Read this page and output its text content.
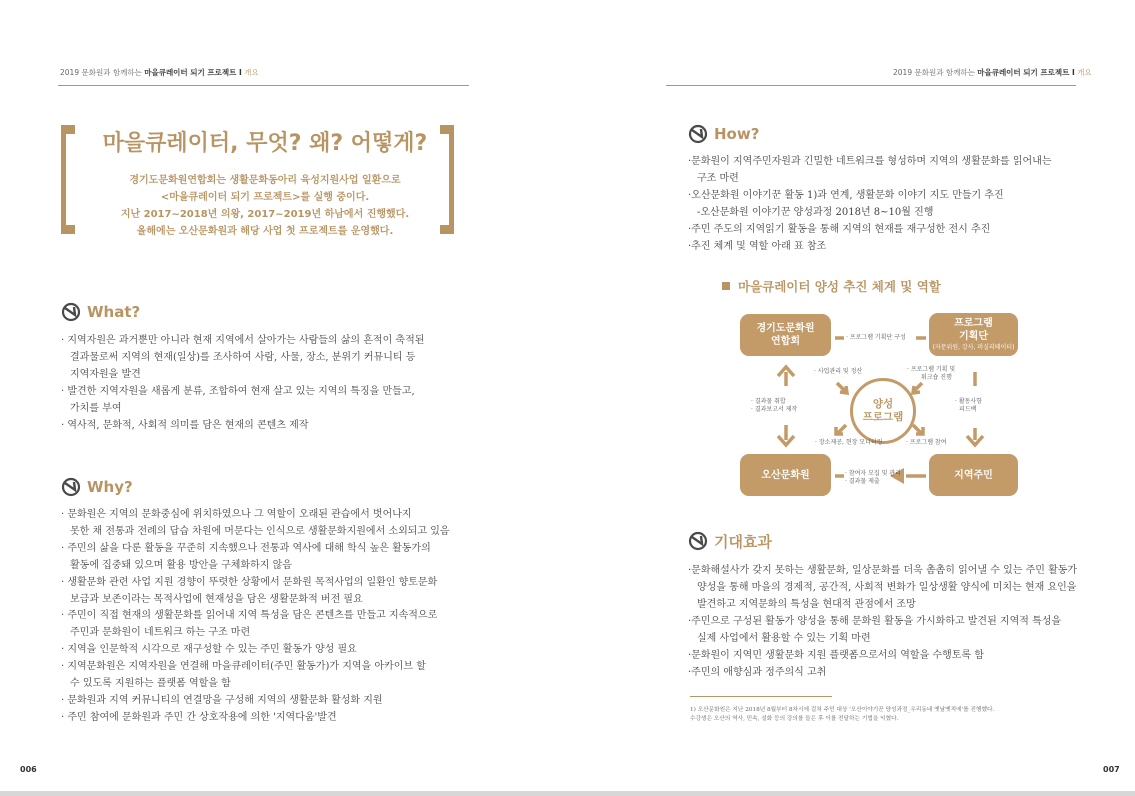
2019 문화원과 함께하는 마을큐레이터 되기 프로젝트 I 개요
마을큐레이터, 무엇? 왜? 어떻게?
경기도문화원연합회는 생활문화동아리 육성지원사업 일환으로
<마을큐레이터 되기 프로젝트>를 실행 중이다.
지난 2017~2018년 의왕, 2017~2019년 하남에서 진행했다.
올해에는 오산문화원과 해당 사업 첫 프로젝트를 운영했다.
What?
· 지역자원은 과거뿐만 아니라 현재 지역에서 살아가는 사람들의 삶의 흔적이 축적된
결과물로써 지역의 현재(일상)를 조사하여 사람, 사물, 장소, 분위기 커뮤니티 등
지역자원을 발견
· 발견한 지역자원을 새롭게 분류, 조합하여 현재 살고 있는 지역의 특징을 만들고,
가치를 부여
· 역사적, 문화적, 사회적 의미를 담은 현재의 콘텐츠 제작
Why?
· 문화원은 지역의 문화중심에 위치하였으나 그 역할이 오래된 관습에서 벗어나지
못한 채 전통과 전례의 답습 차원에 머문다는 인식으로 생활문화지원에서 소외되고 있음
· 주민의 삶을 다룬 활동을 꾸준히 지속했으나 전통과 역사에 대해 학식 높은 활동가의
활동에 집중돼 있으며 활용 방안을 구체화하지 않음
· 생활문화 관련 사업 지원 경향이 뚜렷한 상황에서 문화원 목적사업의 일환인 향토문화
보급과 보존이라는 목적사업에 현재성을 담은 생활문화적 버전 필요
· 주민이 직접 현재의 생활문화를 읽어내 지역 특성을 담은 콘텐츠를 만들고 지속적으로
주민과 문화원이 네트워크 하는 구조 마련
· 지역을 인문학적 시각으로 재구성할 수 있는 주민 활동가 양성 필요
· 지역문화원은 지역자원을 연결해 마을큐레이터(주민 활동가)가 지역을 아카이브 할
수 있도록 지원하는 플랫폼 역할을 함
· 문화원과 지역 커뮤니티의 연결망을 구성해 지역의 생활문화 활성화 지원
· 주민 참여에 문화원과 주민 간 상호작용에 의한 '지역다움'발견
006
2019 문화원과 함께하는 마을큐레이터 되기 프로젝트 I 개요
How?
·문화원이 지역주민자원과 긴밀한 네트워크를 형성하며 지역의 생활문화를 읽어내는
구조 마련
·오산문화원 이야기꾼 활동 1)과 연계, 생활문화 이야기 지도 만들기 추진
-오산문화원 이야기꾼 양성과정 2018년 8~10월 진행
·주민 주도의 지역읽기 활동을 통해 지역의 현재를 재구성한 전시 추진
·추진 체계 및 역할 아래 표 참조
마을큐레이터 양성 추진 체계 및 역할
경기도문화원
연합회
프로그램
기획단
(자문위원, 강사, 퍼실리테이터)
오산문화원	지역주민
양성
프로그램
· 프로그램 기획단 구성
· 참여자 모집 및 관리
· 결과물 제출
· 결과물 취합
· 결과보고서 제작
· 활동사항
피드백
· 사업관리 및 정산	· 프로그램 기획 및
워크숍 진행
· 장소제공, 현장 모니터링	· 프로그램 참여
기대효과
·문화해설사가 갖지 못하는 생활문화, 일상문화를 더욱 촘촘히 읽어낼 수 있는 주민 활동가
양성을 통해 마을의 경제적, 공간적, 사회적 변화가 일상생활 양식에 미치는 현재 요인을
발견하고 지역문화의 특성을 현대적 관점에서 조망
·주민으로 구성된 활동가 양성을 통해 문화원 활동을 가시화하고 발견된 지역적 특성을
실제 사업에서 활용할 수 있는 기획 마련
·문화원이 지역민 생활문화 지원 플랫폼으로서의 역할을 수행토록 함
·주민의 애향심과 정주의식 고취
1) 오산문화원은 지난 2018년 8월부터 8차시에 걸쳐 주민 대상 '오산이야기꾼 양성과정_우리동네 옛날옛적에'를 진행했다.
수강생은 오산의 역사, 민속, 설화 등의 강의를 들은 후 이를 전달하는 기법을 익혔다.
007
